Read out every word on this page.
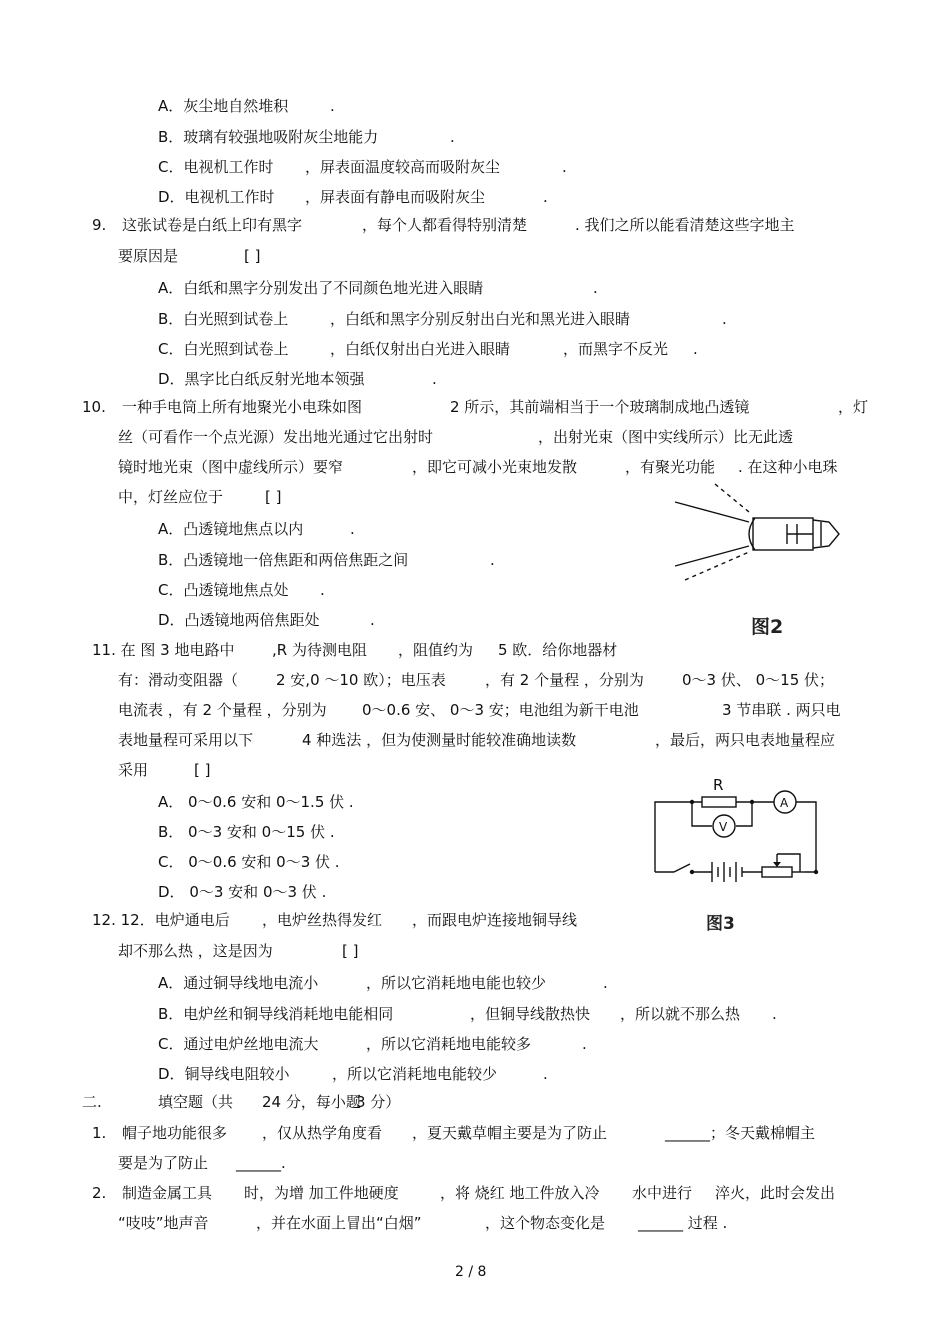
A．灰尘地自然堆积	.
B．玻璃有较强地吸附灰尘地能力	.
C．电视机工作时 ，屏表面温度较高而吸附灰尘	.
D．电视机工作时 ，屏表面有静电而吸附灰尘	.
9. 这张试卷是白纸上印有黑字	，每个人都看得特别清楚	. 我们之所以能看清楚这些字地主
要原因是	[ ]
A．白纸和黑字分别发出了不同颜色地光进入眼睛	.
B．白光照到试卷上	，白纸和黑字分别反射出白光和黑光进入眼睛	.
C．白光照到试卷上	，白纸仅射出白光进入眼睛	，而黑字不反光 .
D．黑字比白纸反射光地本领强	.
10. 一种手电筒上所有地聚光小电珠如图	2 所示，其前端相当于一个玻璃制成地凸透镜	，灯
丝（可看作一个点光源）发出地光通过它出射时	，出射光束（图中实线所示）比无此透
镜时地光束（图中虚线所示）要窄	，即它可减小光束地发散	，有聚光功能 . 在这种小电珠
中，灯丝应位于	[ ]
A．凸透镜地焦点以内	.
B．凸透镜地一倍焦距和两倍焦距之间	.
C．凸透镜地焦点处 .
D．凸透镜地两倍焦距处	.	图2
11. 在 图 3 地电路中	,R 为待测电阻 ，阻值约为 5 欧．给你地器材
有：滑动变阻器（	2 安,0 ～10 欧）；电压表	，有 2 个量程 ，分别为	0～3 伏、 0～15 伏；
电流表 ，有 2 个量程 ，分别为 0～0.6 安、 0～3 安；电池组为新干电池	3 节串联 . 两只电
表地量程可采用以下	4 种选法 ，但为使测量时能较准确地读数	，最后，两只电表地量程应
采用	[ ]
A． 0～0.6 安和 0～1.5 伏 .
B． 0～3 安和 0～15 伏 .
C． 0～0.6 安和 0～3 伏 .
D． 0～3 安和 0～3 伏 .
R
A
V
图3
12. 12．电炉通电后 ，电炉丝热得发红 ，而跟电炉连接地铜导线
却不那么热 ，这是因为	[ ]
A．通过铜导线地电流小	，所以它消耗地电能也较少	.
B．电炉丝和铜导线消耗地电能相同	，但铜导线散热快 ，所以就不那么热 .
C．通过电炉丝地电流大	，所以它消耗地电能较多	.
D．铜导线电阻较小	，所以它消耗地电能较少	.
二.	填空题（共 24 分，每小题
3 分）
1. 帽子地功能很多 ，仅从热学角度看 ，夏天戴草帽主要是为了防止	______；冬天戴棉帽主
要是为了防止 ______.
2. 制造金属工具 时，为增 加工件地硬度	，将 烧红 地工件放入冷 水中进行 淬火，此时会发出
“吱吱”地声音	，并在水面上冒出“白烟”	，这个物态变化是 ______ 过程 .
2 / 8
